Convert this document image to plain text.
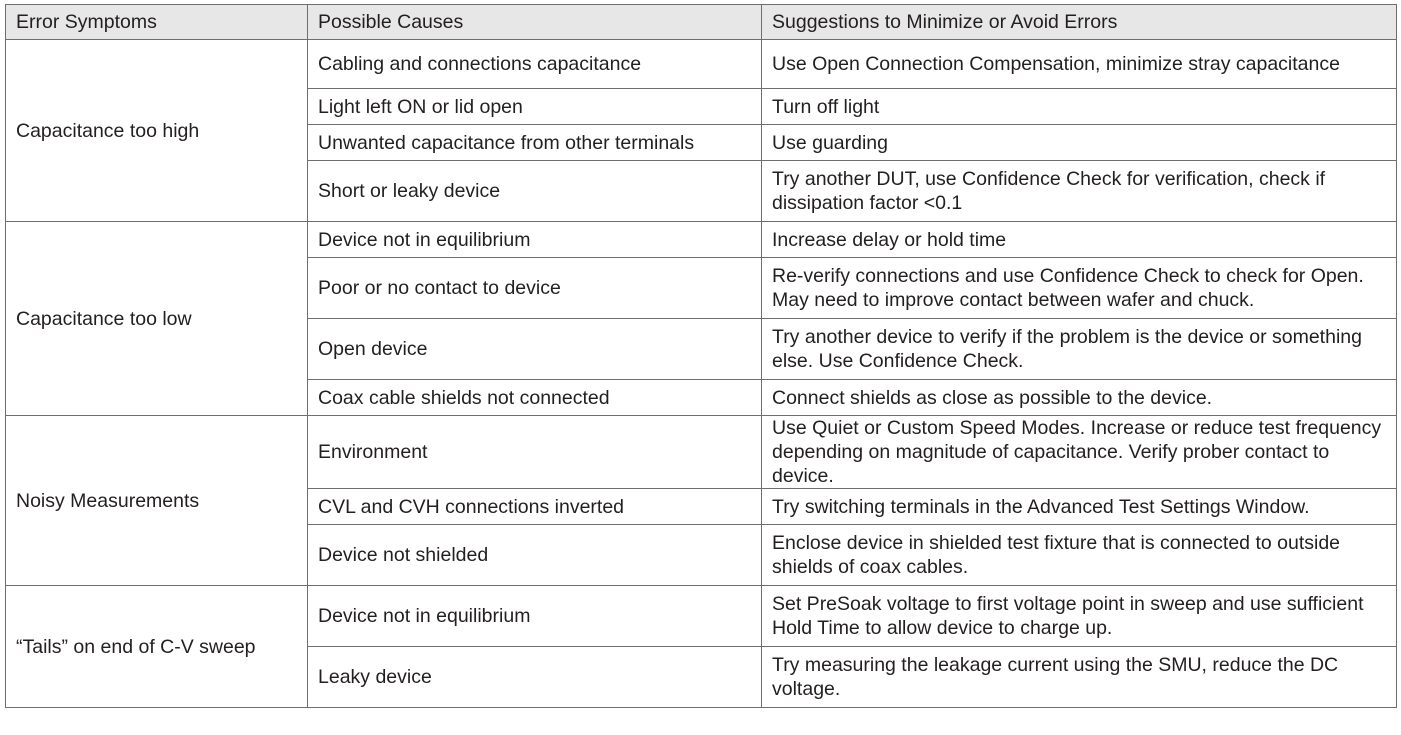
Error Symptoms	Possible Causes	Suggestions to Minimize or Avoid Errors
Capacitance too high	Cabling and connections capacitance	Use Open Connection Compensation, minimize stray capacitance
	Light left ON or lid open	Turn off light
	Unwanted capacitance from other terminals	Use guarding
	Short or leaky device	Try another DUT, use Confidence Check for verification, check if dissipation factor <0.1
Capacitance too low	Device not in equilibrium	Increase delay or hold time
	Poor or no contact to device	Re-verify connections and use Confidence Check to check for Open. May need to improve contact between wafer and chuck.
	Open device	Try another device to verify if the problem is the device or something else. Use Confidence Check.
	Coax cable shields not connected	Connect shields as close as possible to the device.
Noisy Measurements	Environment	Use Quiet or Custom Speed Modes. Increase or reduce test frequency depending on magnitude of capacitance. Verify prober contact to device.
	CVL and CVH connections inverted	Try switching terminals in the Advanced Test Settings Window.
	Device not shielded	Enclose device in shielded test fixture that is connected to outside shields of coax cables.
“Tails” on end of C-V sweep	Device not in equilibrium	Set PreSoak voltage to first voltage point in sweep and use sufficient Hold Time to allow device to charge up.
	Leaky device	Try measuring the leakage current using the SMU, reduce the DC voltage.
